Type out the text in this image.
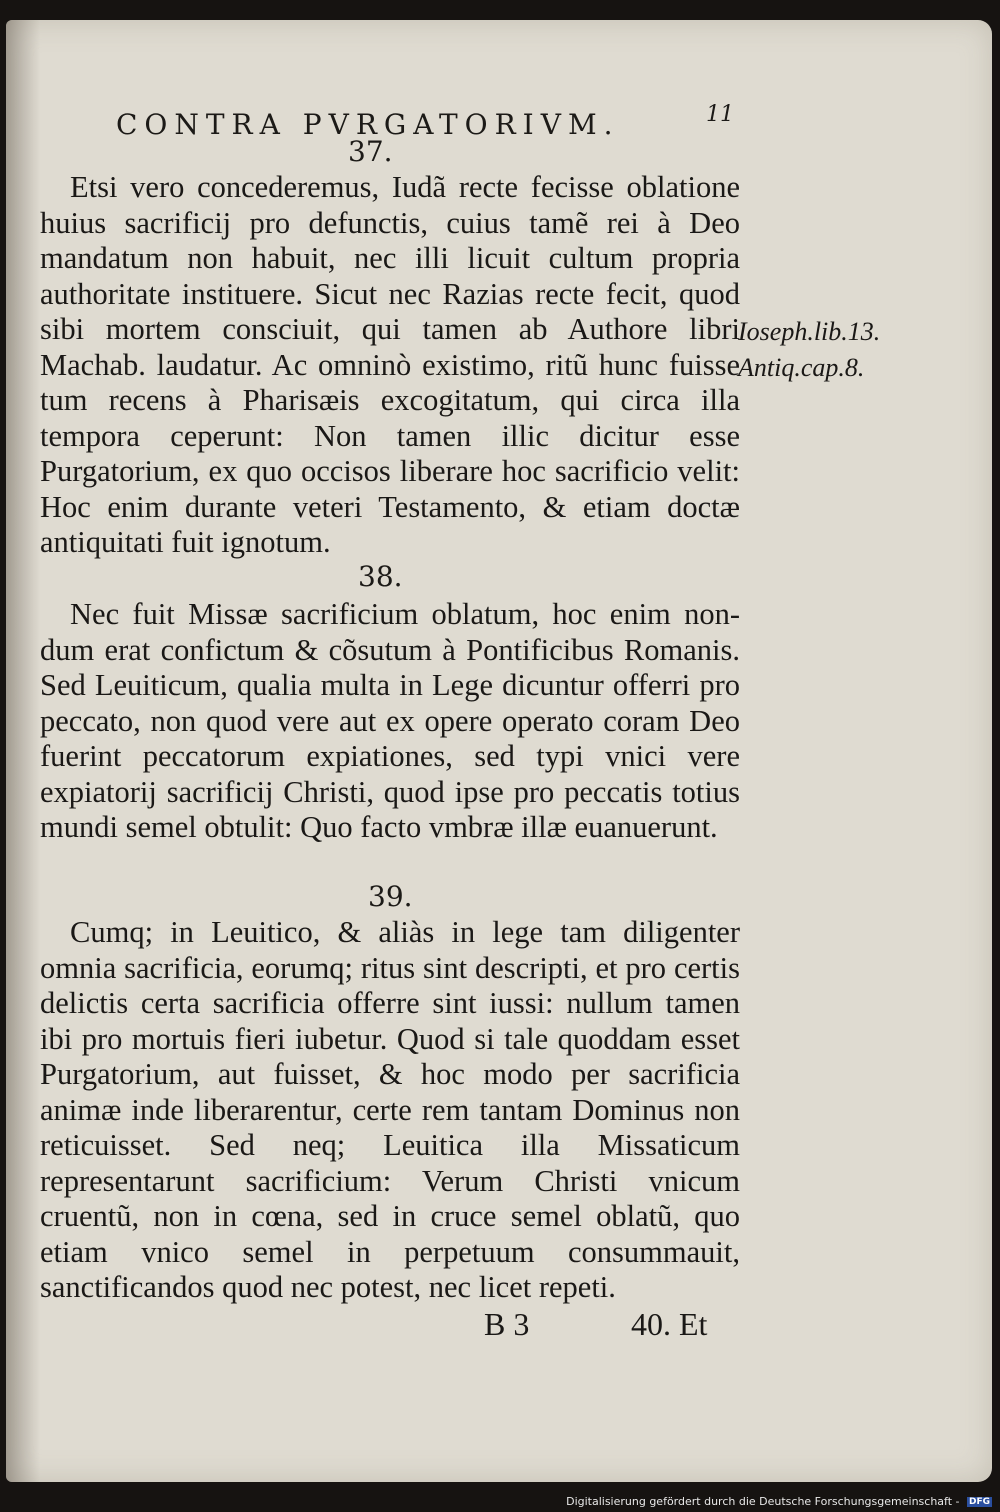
CONTRA PVRGATORIVM.	11
37.
Etsi vero concederemus, Iudã recte fecisse oblatione huius sacrificij pro defunctis, cuius tamẽ rei à Deo mandatum non habuit, nec illi licuit cultum propria authoritate instituere. Sicut nec Razias recte fecit, quod sibi mortem consciuit, qui tamen ab Authore libri Machab. laudatur. Ac omninò existimo, ritũ hunc fuisse tum recens à Pharisæis excogitatum, qui circa illa tempora ceperunt: Non tamen illic dicitur esse Purgatorium, ex quo occisos liberare hoc sacrificio velit: Hoc enim durante veteri Testamento, & etiam doctæ antiquitati fuit ignotum.
Ioseph.lib.13.
Antiq.cap.8.
38.
Nec fuit Missæ sacrificium oblatum, hoc enim nondum erat confictum & cõsutum à Pontificibus Romanis. Sed Leuiticum, qualia multa in Lege dicuntur offerri pro peccato, non quod vere aut ex opere operato coram Deo fuerint peccatorum expiationes, sed typi vnici vere expiatorij sacrificij Christi, quod ipse pro peccatis totius mundi semel obtulit: Quo facto vmbræ illæ euanuerunt.
39.
Cumq; in Leuitico, & aliàs in lege tam diligenter omnia sacrificia, eorumq; ritus sint descripti, et pro certis delictis certa sacrificia offerre sint iussi: nullum tamen ibi pro mortuis fieri iubetur. Quod si tale quoddam esset Purgatorium, aut fuisset, & hoc modo per sacrificia animæ inde liberarentur, certe rem tantam Dominus non reticuisset. Sed neq; Leuitica illa Missaticum representarunt sacrificium: Verum Christi vnicum cruentũ, non in cœna, sed in cruce semel oblatũ, quo etiam vnico semel in perpetuum consummauit, sanctificandos quod nec potest, nec licet repeti.
B 3	40. Et
Digitalisierung gefördert durch die Deutsche Forschungsgemeinschaft - DFG
